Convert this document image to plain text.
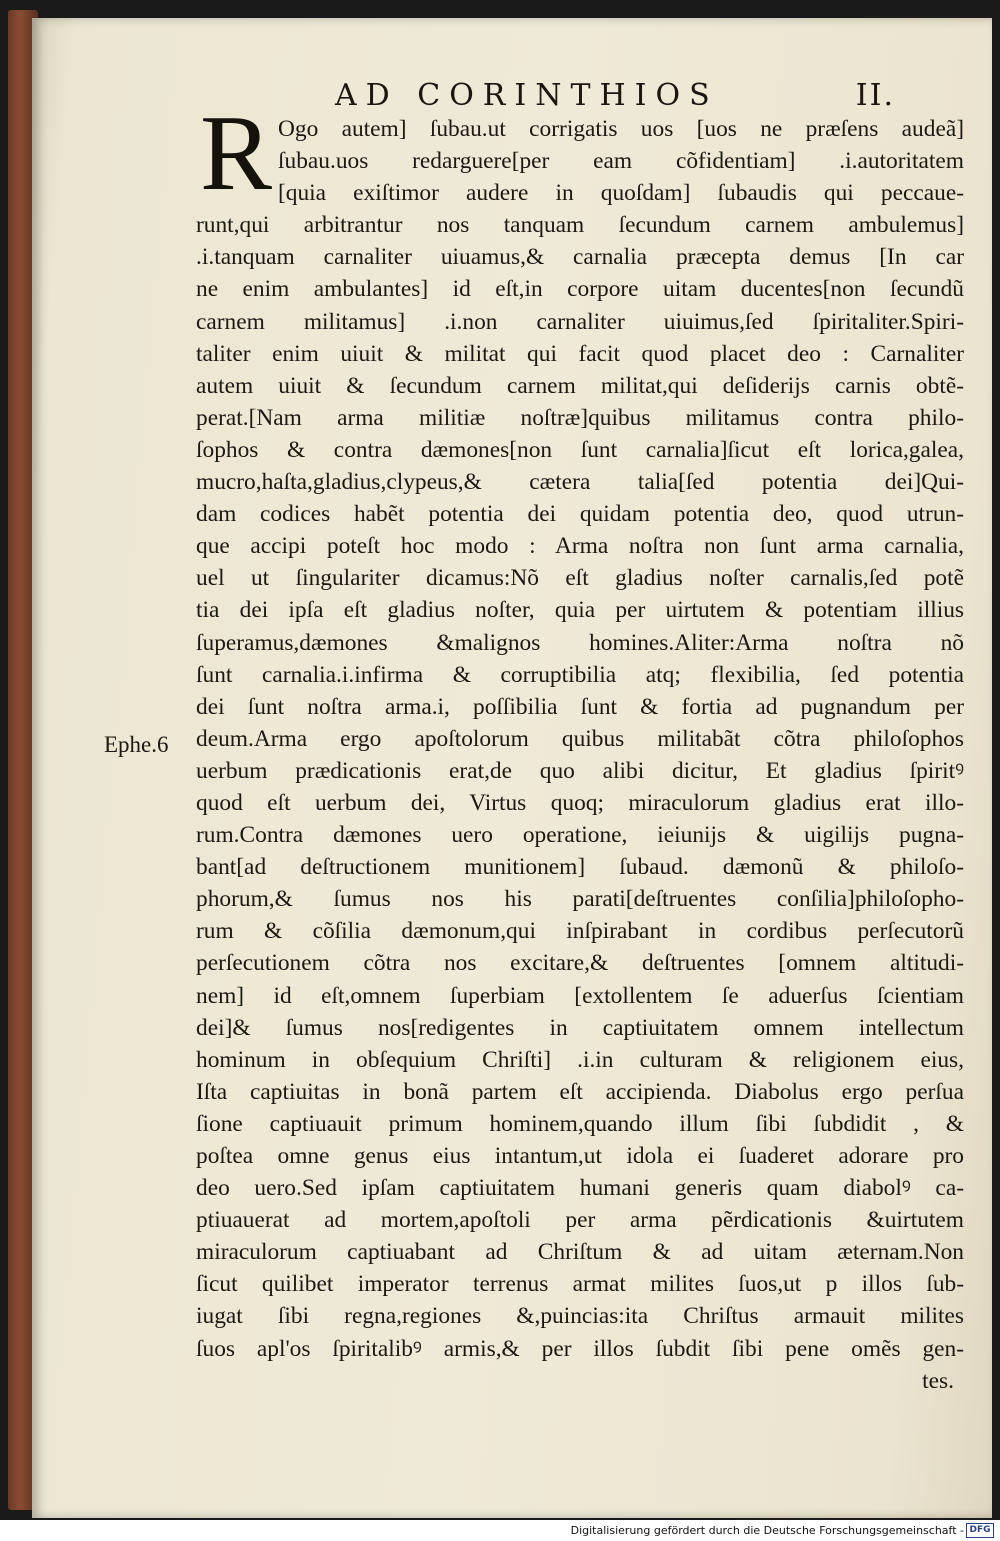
AD CORINTHIOS	II.
R
Ephe.6
Ogo autem] ſubau.ut corrigatis uos [uos ne præſens audeã]
ſubau.uos redarguere[per eam cõfidentiam] .i.autoritatem
[quia exiſtimor audere in quoſdam] ſubaudis qui peccaue-
runt,qui arbitrantur nos tanquam ſecundum carnem ambulemus]
.i.tanquam carnaliter uiuamus,& carnalia præcepta demus [In car
ne enim ambulantes] id eſt,in corpore uitam ducentes[non ſecundũ
carnem militamus] .i.non carnaliter uiuimus,ſed ſpiritaliter.Spiri-
taliter enim uiuit & militat qui facit quod placet deo : Carnaliter
autem uiuit & ſecundum carnem militat,qui deſiderijs carnis obtẽ-
perat.[Nam arma militiæ noſtræ]quibus militamus contra philo-
ſophos & contra dæmones[non ſunt carnalia]ſicut eſt lorica,galea,
mucro,haſta,gladius,clypeus,& cætera talia[ſed potentia dei]Qui-
dam codices habẽt potentia dei quidam potentia deo, quod utrun-
que accipi poteſt hoc modo : Arma noſtra non ſunt arma carnalia,
uel ut ſingulariter dicamus:Nõ eſt gladius noſter carnalis,ſed potẽ
tia dei ipſa eſt gladius noſter, quia per uirtutem & potentiam illius
ſuperamus,dæmones &malignos homines.Aliter:Arma noſtra nõ
ſunt carnalia.i.infirma & corruptibilia atq; flexibilia, ſed potentia
dei ſunt noſtra arma.i, poſſibilia ſunt & fortia ad pugnandum per
deum.Arma ergo apoſtolorum quibus militabãt cõtra philoſophos
uerbum prædicationis erat,de quo alibi dicitur, Et gladius ſpiritꝰ
quod eſt uerbum dei, Virtus quoq; miraculorum gladius erat illo-
rum.Contra dæmones uero operatione, ieiunijs & uigilijs pugna-
bant[ad deſtructionem munitionem] ſubaud. dæmonũ & philoſo-
phorum,& ſumus nos his parati[deſtruentes conſilia]philoſopho-
rum & cõſilia dæmonum,qui inſpirabant in cordibus perſecutorũ
perſecutionem cõtra nos excitare,& deſtruentes [omnem altitudi-
nem] id eſt,omnem ſuperbiam [extollentem ſe aduerſus ſcientiam
dei]& ſumus nos[redigentes in captiuitatem omnem intellectum
hominum in obſequium Chriſti] .i.in culturam & religionem eius,
Iſta captiuitas in bonã partem eſt accipienda. Diabolus ergo perſua
ſione captiuauit primum hominem,quando illum ſibi ſubdidit , &
poſtea omne genus eius intantum,ut idola ei ſuaderet adorare pro
deo uero.Sed ipſam captiuitatem humani generis quam diabolꝰ ca-
ptiuauerat ad mortem,apoſtoli per arma pẽrdicationis &uirtutem
miraculorum captiuabant ad Chriſtum & ad uitam æternam.Non
ſicut quilibet imperator terrenus armat milites ſuos,ut p illos ſub-
iugat ſibi regna,regiones &,puincias:ita Chriſtus armauit milites
ſuos apl'os ſpiritalibꝰ armis,& per illos ſubdit ſibi pene omẽs gen-
tes.
Digitalisierung gefördert durch die Deutsche Forschungsgemeinschaft - DFG
